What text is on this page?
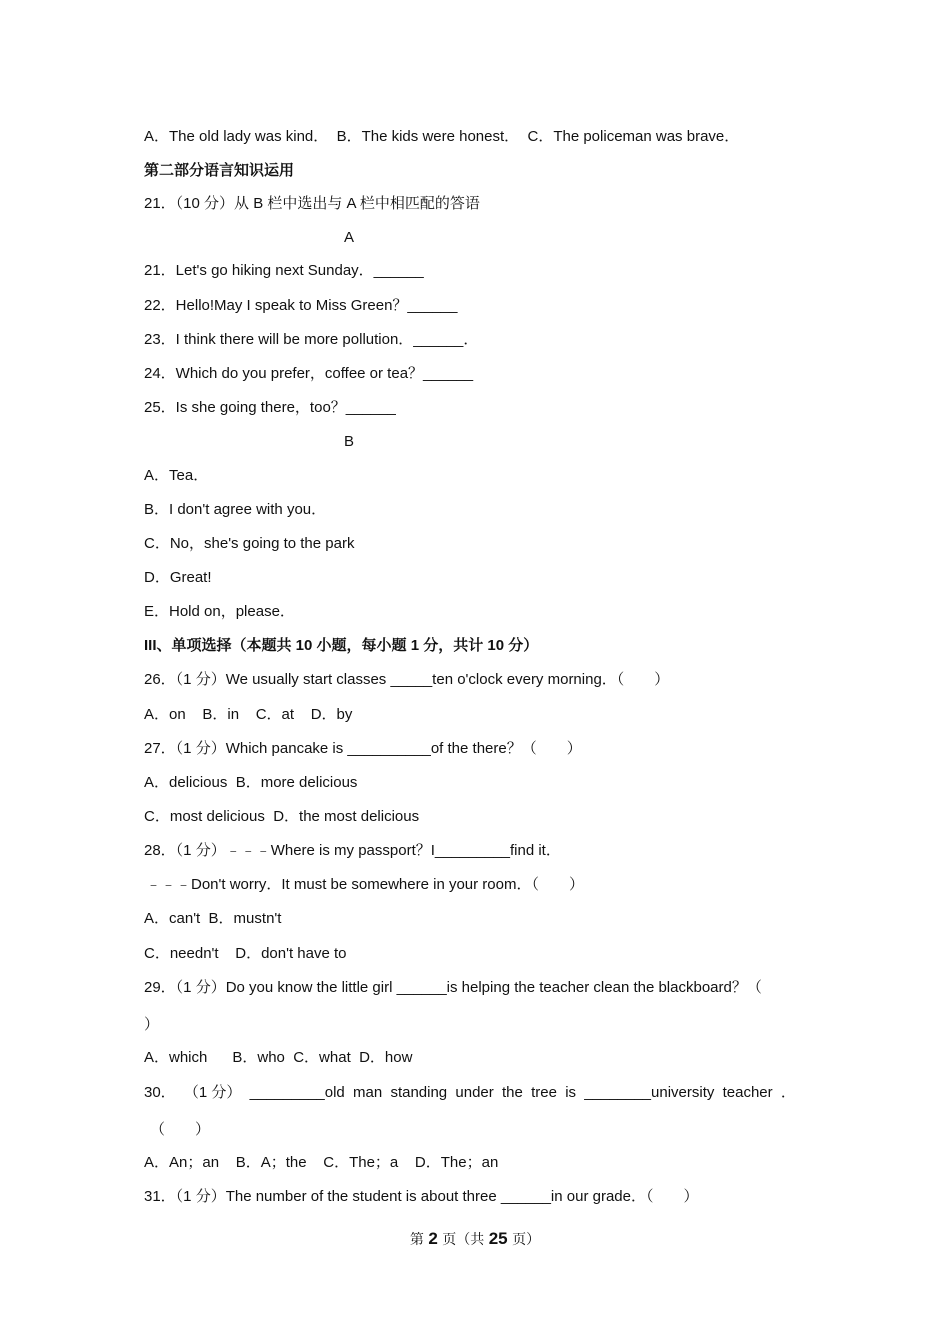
A．The old lady was kind．  B．The kids were honest．  C．The policeman was brave．
第二部分语言知识运用
21．（10 分）从 B 栏中选出与 A 栏中相匹配的答语
A
21．Let's go hiking next Sunday．______
22．Hello!May I speak to Miss Green？______
23．I think there will be more pollution．______．
24．Which do you prefer，coffee or tea？______
25．Is she going there，too？______
B
A．Tea．
B．I don't agree with you．
C．No，she's going to the park
D．Great!
E．Hold on，please．
III、单项选择（本题共 10 小题，每小题 1 分，共计 10 分）
26．（1 分）We usually start classes _____ten o'clock every morning．（　　）
A．on    B．in    C．at    D．by
27．（1 分）Which pancake is __________of the there？（　　）
A．delicious  B．more delicious
C．most delicious  D．the most delicious
28．（1 分）﹣﹣﹣Where is my passport？I_________find it．
﹣﹣﹣Don't worry．It must be somewhere in your room．（　　）
A．can't  B．mustn't
C．needn't    D．don't have to
29．（1 分）Do you know the little girl ______is helping the teacher clean the blackboard？（
）
A．which      B．who  C．what  D．how
30． （1 分） _________old man standing under the tree is ________university teacher ．
（　　）
A．An；an    B．A；the    C．The；a    D．The；an
31．（1 分）The number of the student is about three ______in our grade．（　　）
第 2 页（共 25 页）
